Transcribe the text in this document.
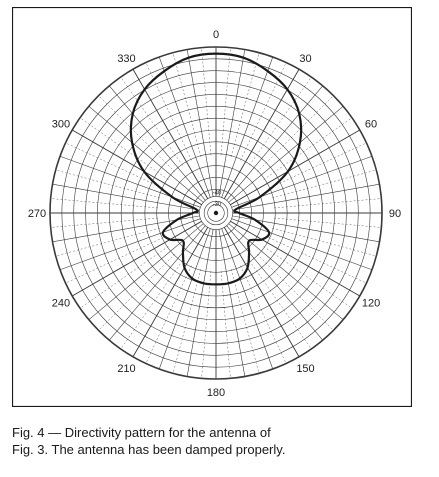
0
30
60
90
120
150
180
210
240
270
300
330
-40
-30
Fig. 4 — Directivity pattern for the antenna of
Fig. 3. The antenna has been damped properly.
